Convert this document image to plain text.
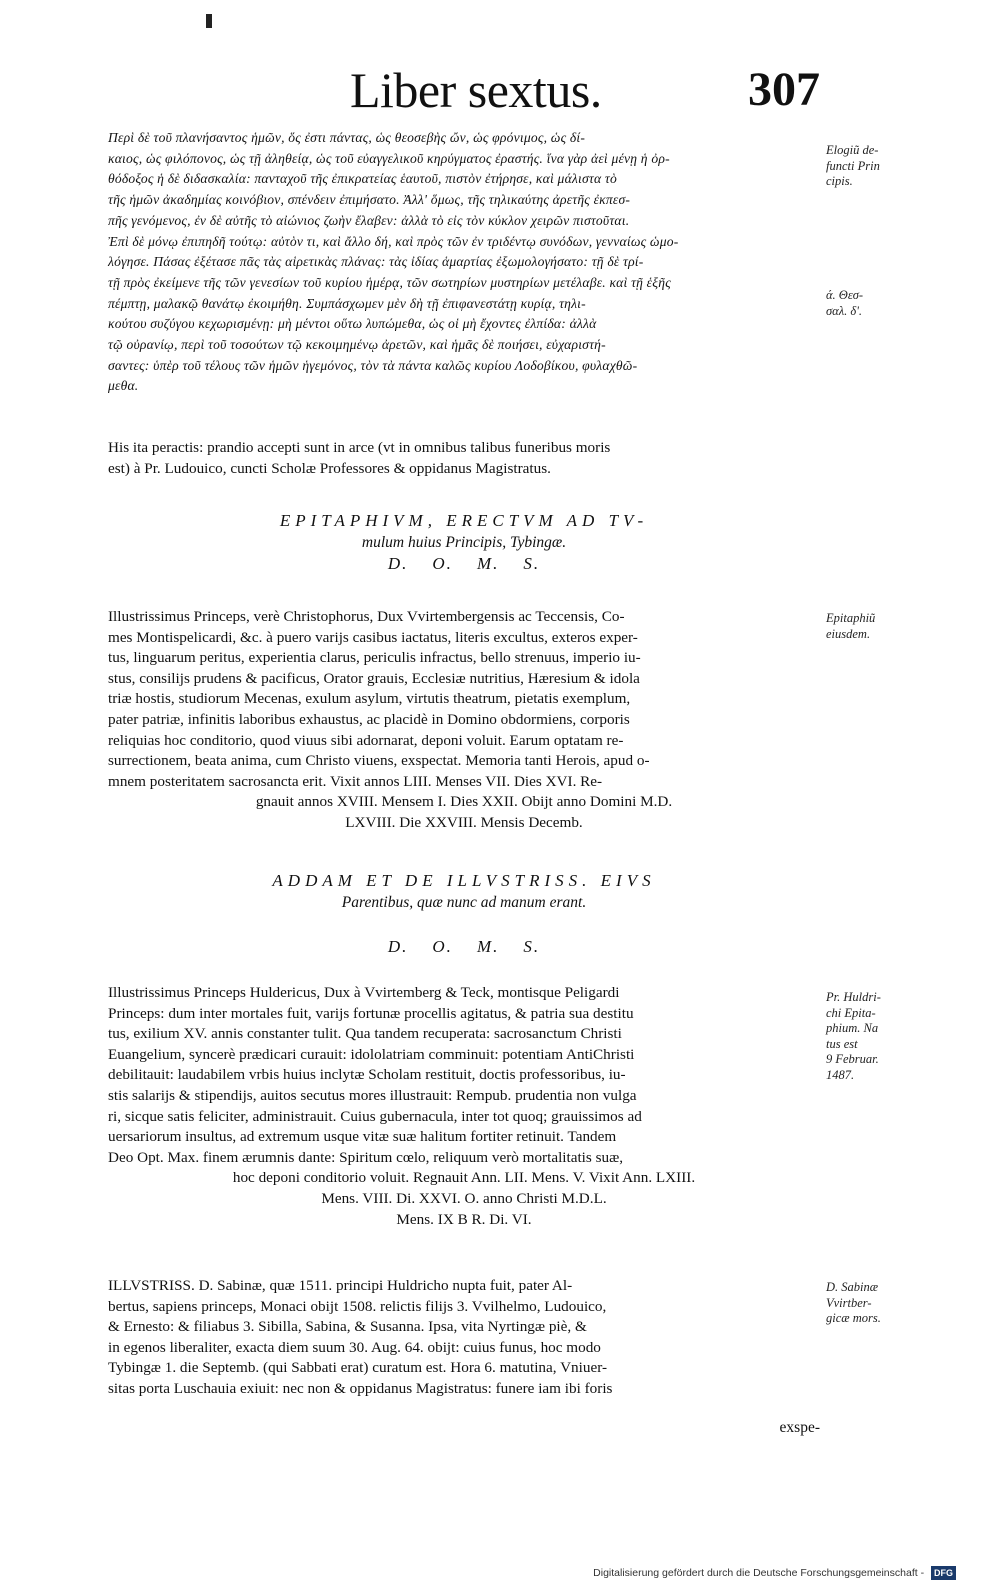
Liber sextus.	307

Περὶ δὲ τοῦ πλανήσαντος ἡμῶν, ὅς ἐστι πάντας, ὡς θεοσεβὴς ὤν, ὡς φρόνιμος, ὡς δί-

καιος, ὡς φιλόπονος, ὡς τῇ ἀληθείᾳ, ὡς τοῦ εὐαγγελικοῦ κηρύγματος ἐραστής. ἵνα γὰρ ἀεὶ μένῃ ἡ ὀρ-

θόδοξος ἡ δὲ διδασκαλία: πανταχοῦ τῆς ἐπικρατείας ἑαυτοῦ, πιστὸν ἐτήρησε, καὶ μάλιστα τὸ

τῆς ἡμῶν ἀκαδημίας κοινόβιον, σπένδειν ἐπιμήσατο. Ἀλλ' ὅμως, τῆς τηλικαύτης ἀρετῆς ἐκπεσ-

πῆς γενόμενος, ἐν δὲ αὐτῆς τὸ αἰώνιος ζωὴν ἔλαβεν: ἀλλὰ τὸ εἰς τὸν κύκλον χειρῶν πιστοῦται.

Ἐπὶ δὲ μόνῳ ἐπιπηδῆ τούτῳ: αὐτὸν τι, καὶ ἄλλο δή, καὶ πρὸς τῶν ἐν τριδέντῳ συνόδων, γενναίως ὡμο-

λόγησε. Πάσας ἐξέτασε πᾶς τὰς αἱρετικὰς πλάνας: τὰς ἰδίας ἁμαρτίας ἐξωμολογήσατο: τῇ δὲ τρί-

τῇ πρὸς ἐκείμενε τῆς τῶν γενεσίων τοῦ κυρίου ἡμέρᾳ, τῶν σωτηρίων μυστηρίων μετέλαβε. καὶ τῇ ἑξῆς

πέμπτῃ, μαλακῷ θανάτῳ ἐκοιμήθη. Συμπάσχωμεν μὲν δὴ τῇ ἐπιφανεστάτῃ κυρίᾳ, τηλι-

κούτου συζύγου κεχωρισμένῃ: μὴ μέντοι οὕτω λυπώμεθα, ὡς οἱ μὴ ἔχοντες ἐλπίδα: ἀλλὰ

τῷ οὐρανίῳ, περὶ τοῦ τοσούτων τῷ κεκοιμημένῳ ἀρετῶν, καὶ ἡμᾶς δὲ ποιήσει, εὐχαριστή-

σαντες: ὑπὲρ τοῦ τέλους τῶν ἡμῶν ἡγεμόνος, τὸν τὰ πάντα καλῶς κυρίου Λοδοβίκου, φυλαχθῶ-

μεθα.

His ita peractis: prandio accepti sunt in arce (vt in omnibus talibus funeribus moris

est) à Pr. Ludouico, cuncti Scholæ Professores & oppidanus Magistratus.

EPITAPHIVM, ERECTVM AD TV-
mulum huius Principis, Tybingæ.
D. O. M. S.

Illustrissimus Princeps, verè Christophorus, Dux Vvirtembergensis ac Teccensis, Co-

mes Montispelicardi, &c. à puero varijs casibus iactatus, literis excultus, exteros exper-

tus, linguarum peritus, experientia clarus, periculis infractus, bello strenuus, imperio iu-

stus, consilijs prudens & pacificus, Orator grauis, Ecclesiæ nutritius, Hæresium & idola

triæ hostis, studiorum Mecenas, exulum asylum, virtutis theatrum, pietatis exemplum,

pater patriæ, infinitis laboribus exhaustus, ac placidè in Domino obdormiens, corporis

reliquias hoc conditorio, quod viuus sibi adornarat, deponi voluit. Earum optatam re-

surrectionem, beata anima, cum Christo viuens, exspectat. Memoria tanti Herois, apud o-

mnem posteritatem sacrosancta erit. Vixit annos LIII. Menses VII. Dies XVI. Re-

gnauit annos XVIII. Mensem I. Dies XXII. Obijt anno Domini M.D.

LXVIII. Die XXVIII. Mensis Decemb.

ADDAM ET DE ILLVSTRISS. EIVS
Parentibus, quæ nunc ad manum erant.
D. O. M. S.

Illustrissimus Princeps Huldericus, Dux à Vvirtemberg & Teck, montisque Peligardi

Princeps: dum inter mortales fuit, varijs fortunæ procellis agitatus, & patria sua destitu

tus, exilium XV. annis constanter tulit. Qua tandem recuperata: sacrosanctum Christi

Euangelium, syncerè prædicari curauit: idololatriam comminuit: potentiam AntiChristi

debilitauit: laudabilem vrbis huius inclytæ Scholam restituit, doctis professoribus, iu-

stis salarijs & stipendijs, auitos secutus mores illustrauit: Rempub. prudentia non vulga

ri, sicque satis feliciter, administrauit. Cuius gubernacula, inter tot quoq; grauissimos ad

uersariorum insultus, ad extremum usque vitæ suæ halitum fortiter retinuit. Tandem

Deo Opt. Max. finem ærumnis dante: Spiritum cœlo, reliquum verò mortalitatis suæ,

hoc deponi conditorio voluit. Regnauit Ann. LII. Mens. V. Vixit Ann. LXIII.

Mens. VIII. Di. XXVI. O. anno Christi M.D.L.

Mens. IX B R. Di. VI.

ILLVSTRISS. D. Sabinæ, quæ 1511. principi Huldricho nupta fuit, pater Al-

bertus, sapiens princeps, Monaci obijt 1508. relictis filijs 3. Vvilhelmo, Ludouico,

& Ernesto: & filiabus 3. Sibilla, Sabina, & Susanna. Ipsa, vita Nyrtingæ piè, &

in egenos liberaliter, exacta diem suum 30. Aug. 64. obijt: cuius funus, hoc modo

Tybingæ 1. die Septemb. (qui Sabbati erat) curatum est. Hora 6. matutina, Vniuer-

sitas porta Luschauia exiuit: nec non & oppidanus Magistratus: funere iam ibi foris

exspe-
Elogiũ de-
functi Prin
cipis.
ά. Θεσ-
σαλ. δ'.
Epitaphiũ
eiusdem.
Pr. Huldri-
chi Epita-
phium. Na
tus est
9 Februar.
1487.
D. Sabinæ
Vvirtber-
gicæ mors.
Digitalisierung gefördert durch die Deutsche Forschungsgemeinschaft - DFG
